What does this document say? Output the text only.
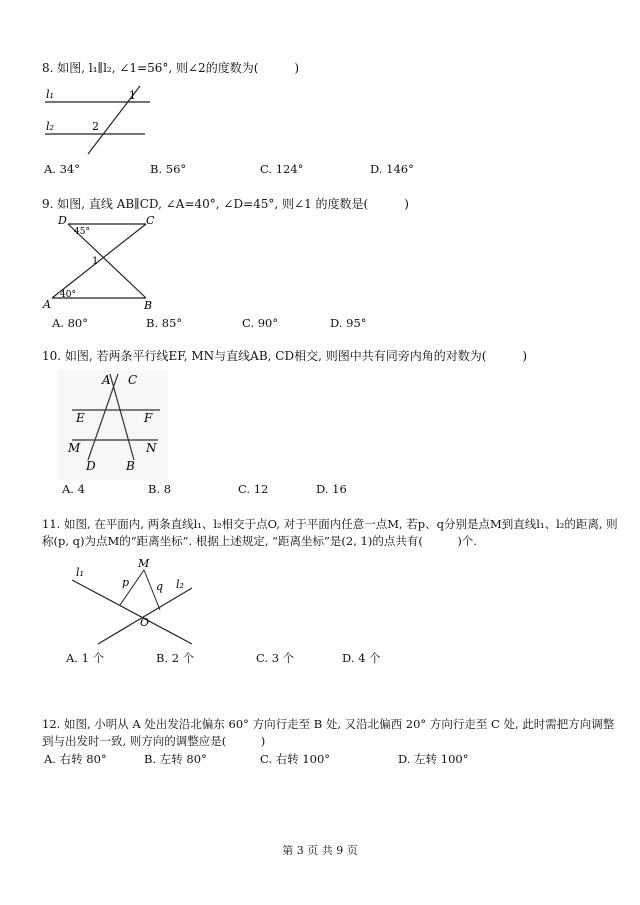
8. 如图, l₁∥l₂, ∠1=56°, 则∠2的度数为(　　　)
l₁
l₂
1
2
A. 34°	B. 56°	C. 124°	D. 146°
9. 如图, 直线 AB∥CD, ∠A=40°, ∠D=45°, 则∠1 的度数是(　　　)
D	C
A	B
1
45°
40°
A. 80°	B. 85°	C. 90°	D. 95°
10. 如图, 若两条平行线EF, MN与直线AB, CD相交, 则图中共有同旁内角的对数为(　　　)
A C
E	F
M	N
D	B
A. 4	B. 8	C. 12	D. 16
11. 如图, 在平面内, 两条直线l₁、l₂相交于点O, 对于平面内任意一点M, 若p、q分别是点M到直线l₁、l₂的距离, 则
称(p, q)为点M的“距离坐标”. 根据上述规定, “距离坐标”是(2, 1)的点共有(　　　)个.
l₁
l₂
M
p q
O
A. 1 个	B. 2 个	C. 3 个	D. 4 个
12. 如图, 小明从 A 处出发沿北偏东 60° 方向行走至 B 处, 又沿北偏西 20° 方向行走至 C 处, 此时需把方向调整
到与出发时一致, 则方向的调整应是(　　　)
A. 右转 80°	B. 左转 80°	C. 右转 100°	D. 左转 100°
第 3 页 共 9 页
